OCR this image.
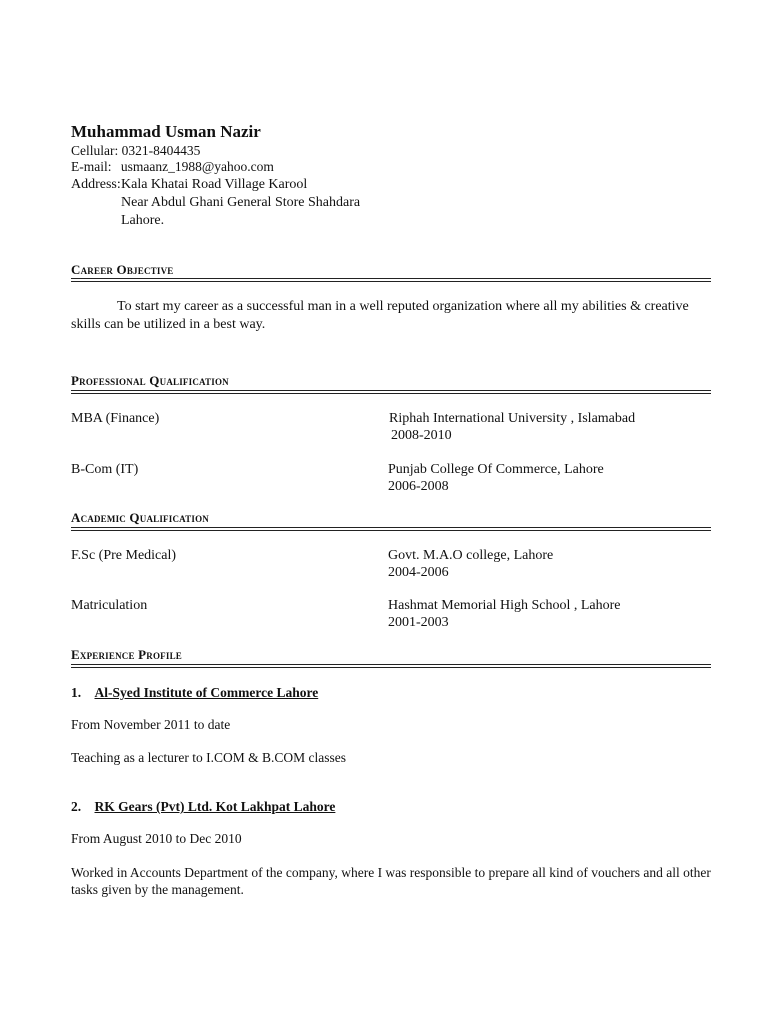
Muhammad Usman Nazir
Cellular: 0321-8404435
E-mail: usmaanz_1988@yahoo.com
Address: Kala Khatai Road Village Karool
Near Abdul Ghani General Store Shahdara
Lahore.
Career Objective
To start my career as a successful man in a well reputed organization where all my abilities & creative skills can be utilized in a best way.
Professional Qualification
MBA (Finance)	Riphah International University , Islamabad
2008-2010
B-Com (IT)	Punjab College Of Commerce, Lahore
2006-2008
Academic Qualification
F.Sc (Pre Medical)	Govt. M.A.O college, Lahore
2004-2006
Matriculation	Hashmat Memorial High School , Lahore
2001-2003
Experience Profile
1. Al-Syed Institute of Commerce Lahore
From November 2011 to date
Teaching as a lecturer to I.COM & B.COM classes
2. RK Gears (Pvt) Ltd. Kot Lakhpat Lahore
From August 2010 to Dec 2010
Worked in Accounts Department of the company, where I was responsible to prepare all kind of vouchers and all other tasks given by the management.
